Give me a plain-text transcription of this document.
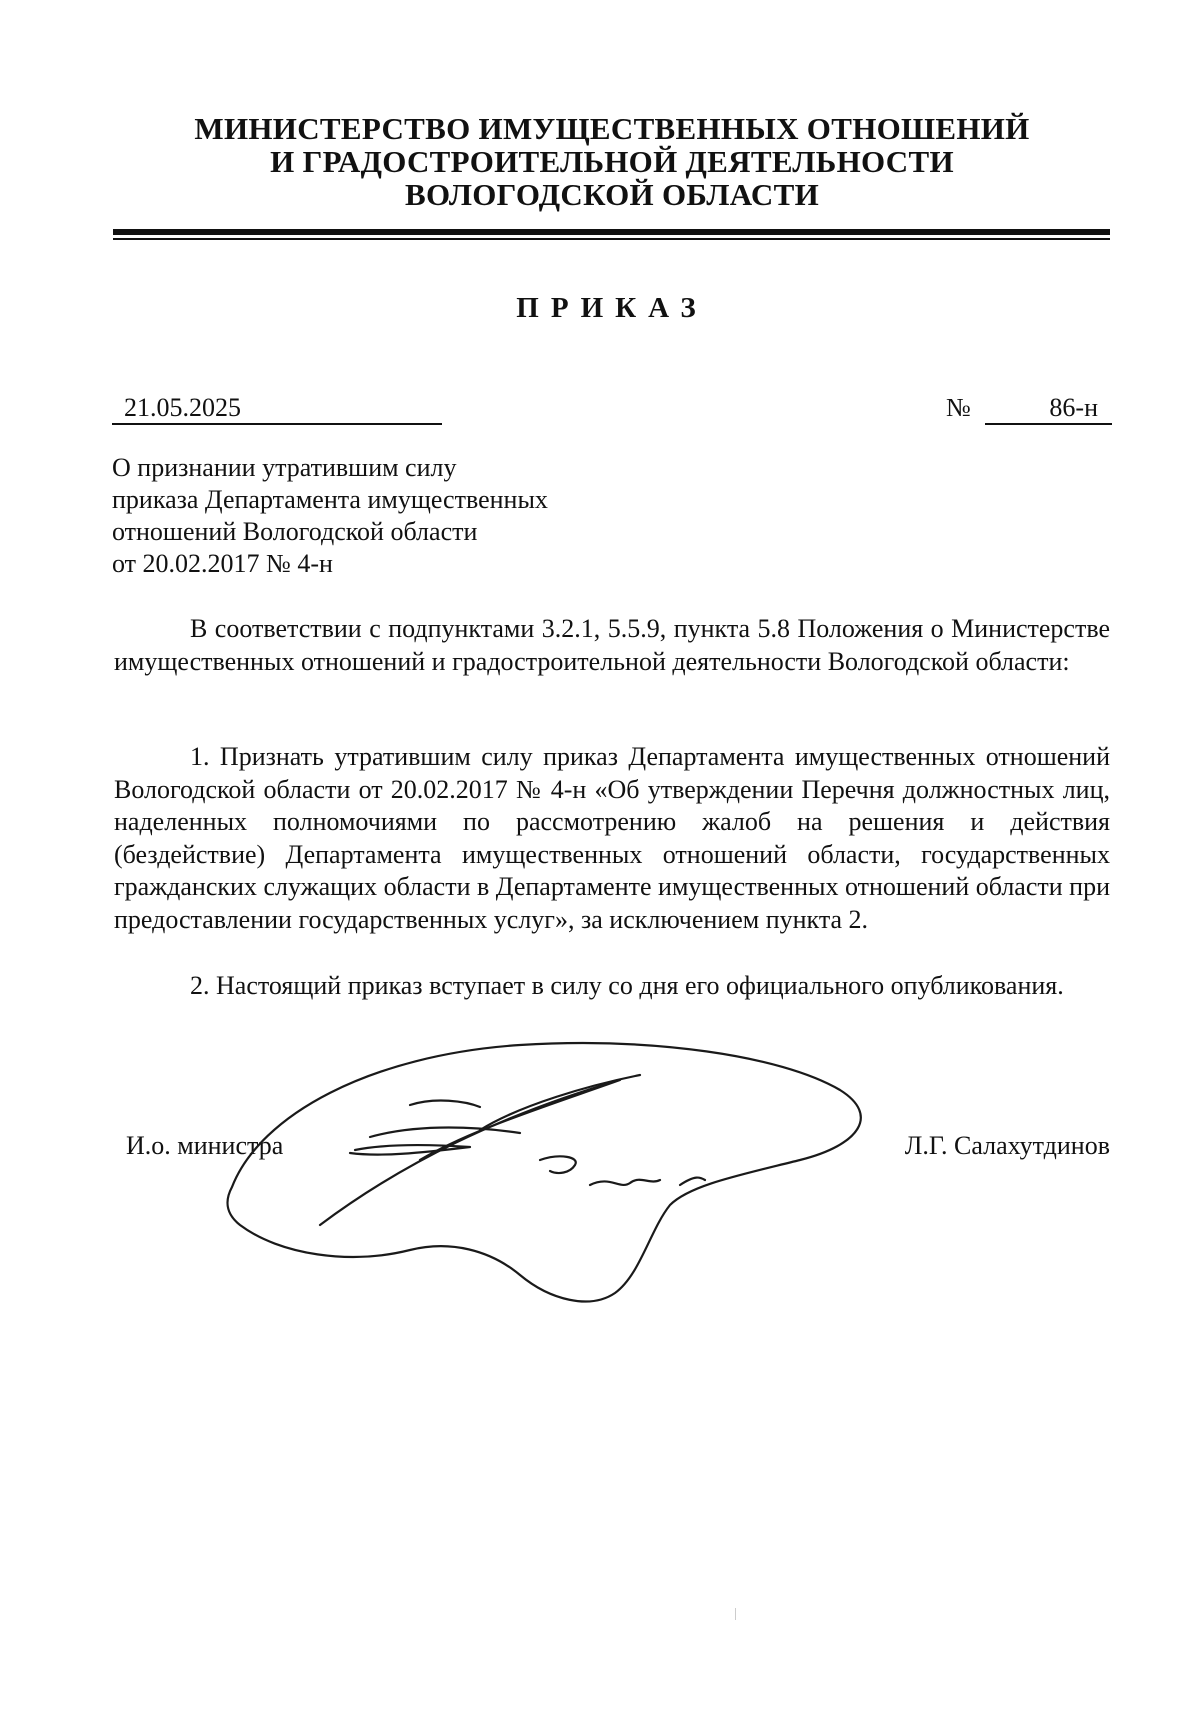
МИНИСТЕРСТВО ИМУЩЕСТВЕННЫХ ОТНОШЕНИЙ
И ГРАДОСТРОИТЕЛЬНОЙ ДЕЯТЕЛЬНОСТИ
ВОЛОГОДСКОЙ ОБЛАСТИ
ПРИКАЗ
21.05.2025	№	86-н
О признании утратившим силу
приказа Департамента имущественных
отношений Вологодской области
от 20.02.2017 № 4-н

В соответствии с подпунктами 3.2.1, 5.5.9, пункта 5.8 Положения о Министерстве имущественных отношений и градостроительной деятельности Вологодской области:

1. Признать утратившим силу приказ Департамента имущественных отношений Вологодской области от 20.02.2017 № 4-н «Об утверждении Перечня должностных лиц, наделенных полномочиями по рассмотрению жалоб на решения и действия (бездействие) Департамента имущественных отношений области, государственных гражданских служащих области в Департаменте имущественных отношений области при предоставлении государственных услуг», за исключением пункта 2.

2. Настоящий приказ вступает в силу со дня его официального опубликования.

И.о. министра	Л.Г. Салахутдинов
